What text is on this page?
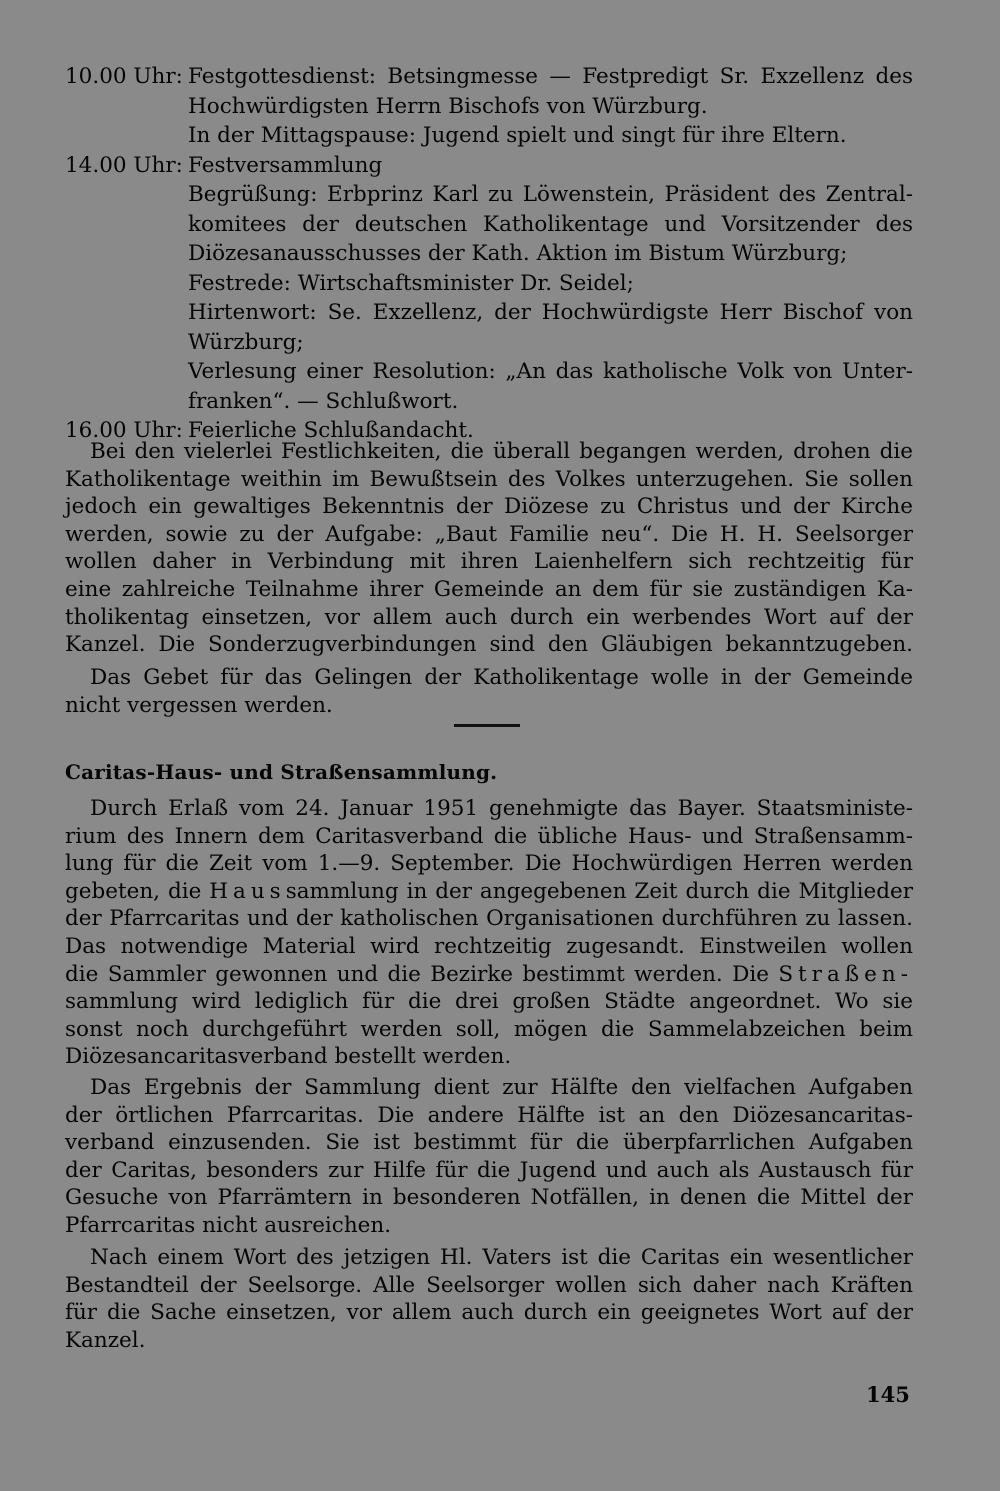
10.00 Uhr: Festgottesdienst: Betsingmesse — Festpredigt Sr. Exzellenz des
Hochwürdigsten Herrn Bischofs von Würzburg.
In der Mittagspause: Jugend spielt und singt für ihre Eltern.
14.00 Uhr: Festversammlung
Begrüßung: Erbprinz Karl zu Löwenstein, Präsident des Zentral-
komitees der deutschen Katholikentage und Vorsitzender des
Diözesanausschusses der Kath. Aktion im Bistum Würzburg;
Festrede: Wirtschaftsminister Dr. Seidel;
Hirtenwort: Se. Exzellenz, der Hochwürdigste Herr Bischof von
Würzburg;
Verlesung einer Resolution: „An das katholische Volk von Unter-
franken“. — Schlußwort.
16.00 Uhr: Feierliche Schlußandacht.
Bei den vielerlei Festlichkeiten, die überall begangen werden, drohen die
Katholikentage weithin im Bewußtsein des Volkes unterzugehen. Sie sollen
jedoch ein gewaltiges Bekenntnis der Diözese zu Christus und der Kirche
werden, sowie zu der Aufgabe: „Baut Familie neu“. Die H. H. Seelsorger
wollen daher in Verbindung mit ihren Laienhelfern sich rechtzeitig für
eine zahlreiche Teilnahme ihrer Gemeinde an dem für sie zuständigen Ka-
tholikentag einsetzen, vor allem auch durch ein werbendes Wort auf der
Kanzel. Die Sonderzugverbindungen sind den Gläubigen bekanntzugeben.
Das Gebet für das Gelingen der Katholikentage wolle in der Gemeinde
nicht vergessen werden.
Caritas-Haus- und Straßensammlung.
Durch Erlaß vom 24. Januar 1951 genehmigte das Bayer. Staatsministe-
rium des Innern dem Caritasverband die übliche Haus- und Straßensamm-
lung für die Zeit vom 1.—9. September. Die Hochwürdigen Herren werden
gebeten, die Haussammlung in der angegebenen Zeit durch die Mitglieder
der Pfarrcaritas und der katholischen Organisationen durchführen zu lassen.
Das notwendige Material wird rechtzeitig zugesandt. Einstweilen wollen
die Sammler gewonnen und die Bezirke bestimmt werden. Die Straßen-
sammlung wird lediglich für die drei großen Städte angeordnet. Wo sie
sonst noch durchgeführt werden soll, mögen die Sammelabzeichen beim
Diözesancaritasverband bestellt werden.
Das Ergebnis der Sammlung dient zur Hälfte den vielfachen Aufgaben
der örtlichen Pfarrcaritas. Die andere Hälfte ist an den Diözesancaritas-
verband einzusenden. Sie ist bestimmt für die überpfarrlichen Aufgaben
der Caritas, besonders zur Hilfe für die Jugend und auch als Austausch für
Gesuche von Pfarrämtern in besonderen Notfällen, in denen die Mittel der
Pfarrcaritas nicht ausreichen.
Nach einem Wort des jetzigen Hl. Vaters ist die Caritas ein wesentlicher
Bestandteil der Seelsorge. Alle Seelsorger wollen sich daher nach Kräften
für die Sache einsetzen, vor allem auch durch ein geeignetes Wort auf der
Kanzel.
145
